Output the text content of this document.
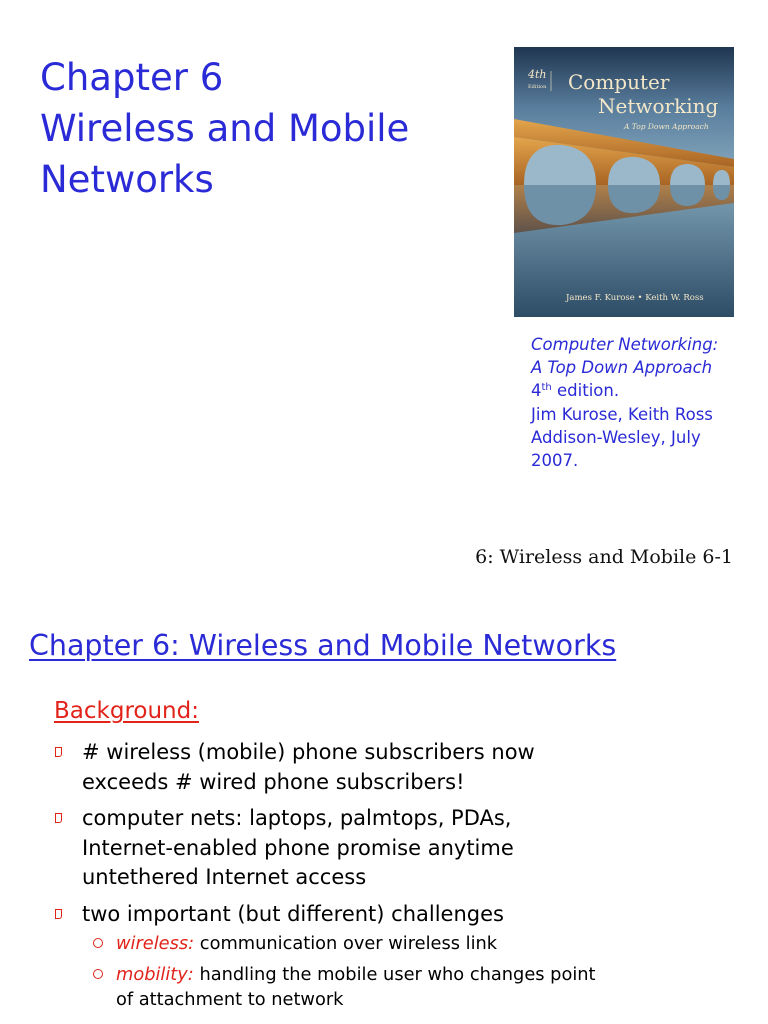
Chapter 6
Wireless and Mobile
Networks
4th
Edition Computer
Networking
A Top Down Approach
James F. Kurose • Keith W. Ross
Computer Networking:
A Top Down Approach
4th edition.
Jim Kurose, Keith Ross
Addison-Wesley, July
2007.
6: Wireless and Mobile 6-1
Chapter 6: Wireless and Mobile Networks
Background:
# wireless (mobile) phone subscribers now
exceeds # wired phone subscribers!
computer nets: laptops, palmtops, PDAs,
Internet-enabled phone promise anytime
untethered Internet access
two important (but different) challenges
wireless: communication over wireless link
mobility: handling the mobile user who changes point
of attachment to network
